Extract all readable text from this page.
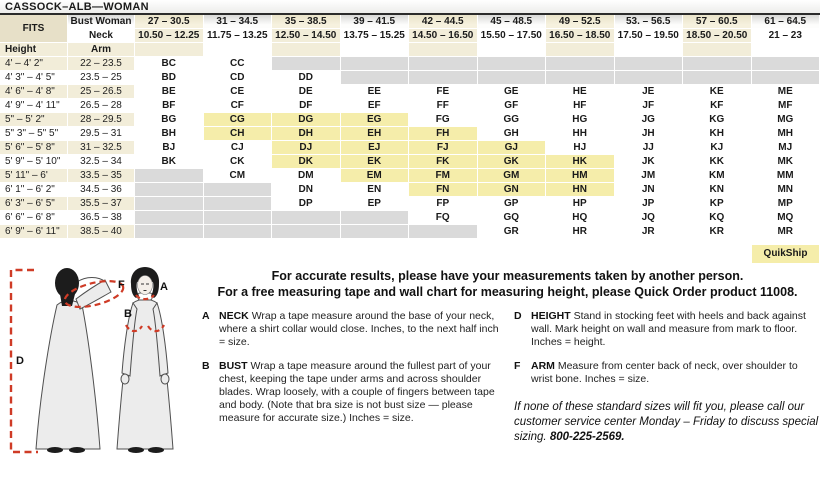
CASSOCK–ALB—WOMAN
FITS	Bust Woman	27 – 30.5	31 – 34.5	35 – 38.5	39 – 41.5	42 – 44.5	45 – 48.5	49 – 52.5	53. – 56.5	57 – 60.5	61 – 64.5
	Neck	10.50 – 12.25	11.75 – 13.25	12.50 – 14.50	13.75 – 15.25	14.50 – 16.50	15.50 – 17.50	16.50 – 18.50	17.50 – 19.50	18.50 – 20.50	21 – 23
Height	Arm										
4' – 4' 2"	22 – 23.5	BC	CC								
4' 3" – 4' 5"	23.5 – 25	BD	CD	DD							
4' 6" – 4' 8"	25 – 26.5	BE	CE	DE	EE	FE	GE	HE	JE	KE	ME
4' 9" – 4' 11"	26.5 – 28	BF	CF	DF	EF	FF	GF	HF	JF	KF	MF
5" – 5' 2"	28 – 29.5	BG	CG	DG	EG	FG	GG	HG	JG	KG	MG
5" 3" – 5" 5"	29.5 – 31	BH	CH	DH	EH	FH	GH	HH	JH	KH	MH
5' 6" – 5' 8"	31 – 32.5	BJ	CJ	DJ	EJ	FJ	GJ	HJ	JJ	KJ	MJ
5' 9" – 5' 10"	32.5 – 34	BK	CK	DK	EK	FK	GK	HK	JK	KK	MK
5' 11" – 6'	33.5 – 35		CM	DM	EM	FM	GM	HM	JM	KM	MM
6' 1" – 6' 2"	34.5 – 36			DN	EN	FN	GN	HN	JN	KN	MN
6' 3" – 6' 5"	35.5 – 37			DP	EP	FP	GP	HP	JP	KP	MP
6' 6" – 6' 8"	36.5 – 38					FQ	GQ	HQ	JQ	KQ	MQ
6' 9" – 6' 11"	38.5 – 40						GR	HR	JR	KR	MR
QuikShip
D
F	A
B
For accurate results, please have your measurements taken by another person.
For a free measuring tape and wall chart for measuring height, please Quick Order product 11008.
A NECK Wrap a tape measure around the base of your neck, where a shirt collar would close. Inches, to the next half inch = size.
B BUST Wrap a tape measure around the fullest part of your chest, keeping the tape under arms and across shoulder blades. Wrap loosely, with a couple of fingers between tape and body. (Note that bra size is not bust size — please measure for accurate size.) Inches = size.
D HEIGHT Stand in stocking feet with heels and back against wall. Mark height on wall and measure from mark to floor. Inches = height.
F ARM Measure from center back of neck, over shoulder to wrist bone. Inches = size.
If none of these standard sizes will fit you, please call our customer service center Monday – Friday to discuss special sizing. 800-225-2569.
